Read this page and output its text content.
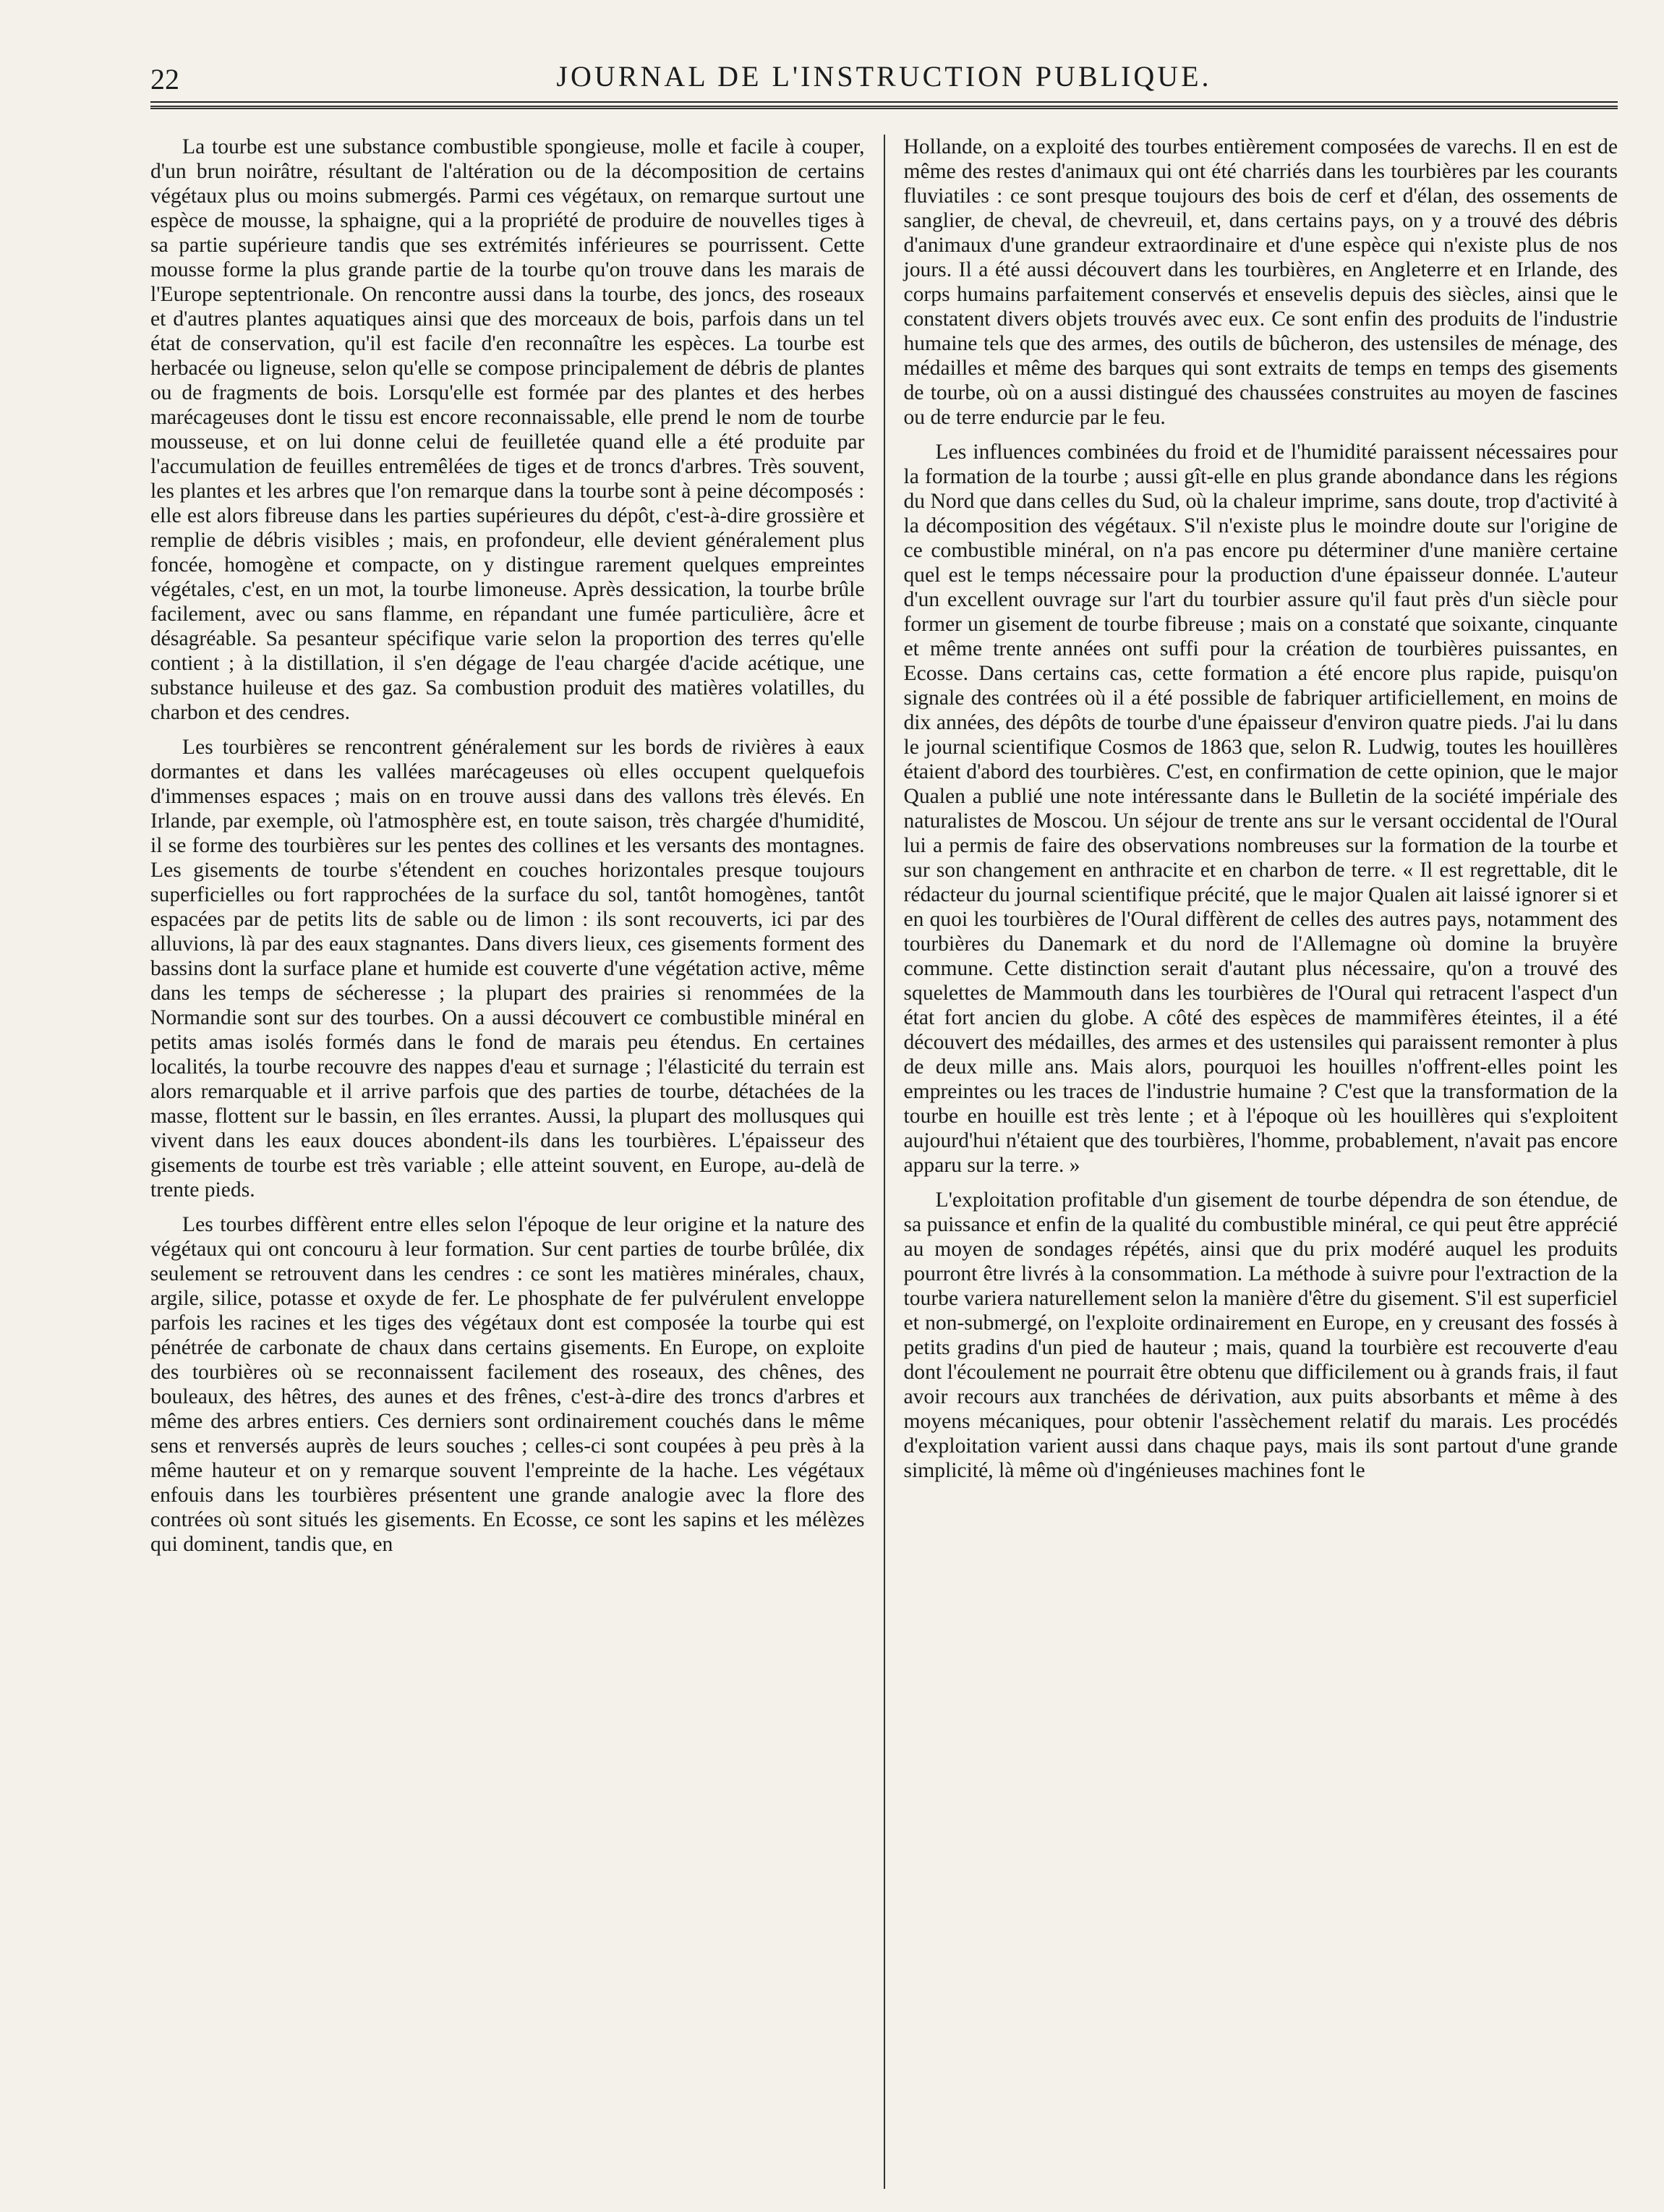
22	JOURNAL DE L'INSTRUCTION PUBLIQUE.

La tourbe est une substance combustible spongieuse, molle et facile à couper, d'un brun noirâtre, résultant de l'altération ou de la décomposition de certains végétaux plus ou moins submergés. Parmi ces végétaux, on remarque surtout une espèce de mousse, la sphaigne, qui a la propriété de produire de nouvelles tiges à sa partie supérieure tandis que ses extrémités inférieures se pourrissent. Cette mousse forme la plus grande partie de la tourbe qu'on trouve dans les marais de l'Europe septentrionale. On rencontre aussi dans la tourbe, des joncs, des roseaux et d'autres plantes aquatiques ainsi que des morceaux de bois, parfois dans un tel état de conservation, qu'il est facile d'en reconnaître les espèces. La tourbe est herbacée ou ligneuse, selon qu'elle se compose principalement de débris de plantes ou de fragments de bois. Lorsqu'elle est formée par des plantes et des herbes marécageuses dont le tissu est encore reconnaissable, elle prend le nom de tourbe mousseuse, et on lui donne celui de feuilletée quand elle a été produite par l'accumulation de feuilles entremêlées de tiges et de troncs d'arbres. Très souvent, les plantes et les arbres que l'on remarque dans la tourbe sont à peine décomposés : elle est alors fibreuse dans les parties supérieures du dépôt, c'est-à-dire grossière et remplie de débris visibles ; mais, en profondeur, elle devient généralement plus foncée, homogène et compacte, on y distingue rarement quelques empreintes végétales, c'est, en un mot, la tourbe limoneuse. Après dessication, la tourbe brûle facilement, avec ou sans flamme, en répandant une fumée particulière, âcre et désagréable. Sa pesanteur spécifique varie selon la proportion des terres qu'elle contient ; à la distillation, il s'en dégage de l'eau chargée d'acide acétique, une substance huileuse et des gaz. Sa combustion produit des matières volatilles, du charbon et des cendres.

Les tourbières se rencontrent généralement sur les bords de rivières à eaux dormantes et dans les vallées marécageuses où elles occupent quelquefois d'immenses espaces ; mais on en trouve aussi dans des vallons très élevés. En Irlande, par exemple, où l'atmosphère est, en toute saison, très chargée d'humidité, il se forme des tourbières sur les pentes des collines et les versants des montagnes. Les gisements de tourbe s'étendent en couches horizontales presque toujours superficielles ou fort rapprochées de la surface du sol, tantôt homogènes, tantôt espacées par de petits lits de sable ou de limon : ils sont recouverts, ici par des alluvions, là par des eaux stagnantes. Dans divers lieux, ces gisements forment des bassins dont la surface plane et humide est couverte d'une végétation active, même dans les temps de sécheresse ; la plupart des prairies si renommées de la Normandie sont sur des tourbes. On a aussi découvert ce combustible minéral en petits amas isolés formés dans le fond de marais peu étendus. En certaines localités, la tourbe recouvre des nappes d'eau et surnage ; l'élasticité du terrain est alors remarquable et il arrive parfois que des parties de tourbe, détachées de la masse, flottent sur le bassin, en îles errantes. Aussi, la plupart des mollusques qui vivent dans les eaux douces abondent-ils dans les tourbières. L'épaisseur des gisements de tourbe est très variable ; elle atteint souvent, en Europe, au-delà de trente pieds.

Les tourbes diffèrent entre elles selon l'époque de leur origine et la nature des végétaux qui ont concouru à leur formation. Sur cent parties de tourbe brûlée, dix seulement se retrouvent dans les cendres : ce sont les matières minérales, chaux, argile, silice, potasse et oxyde de fer. Le phosphate de fer pulvérulent enveloppe parfois les racines et les tiges des végétaux dont est composée la tourbe qui est pénétrée de carbonate de chaux dans certains gisements. En Europe, on exploite des tourbières où se reconnaissent facilement des roseaux, des chênes, des bouleaux, des hêtres, des aunes et des frênes, c'est-à-dire des troncs d'arbres et même des arbres entiers. Ces derniers sont ordinairement couchés dans le même sens et renversés auprès de leurs souches ; celles-ci sont coupées à peu près à la même hauteur et on y remarque souvent l'empreinte de la hache. Les végétaux enfouis dans les tourbières présentent une grande analogie avec la flore des contrées où sont situés les gisements. En Ecosse, ce sont les sapins et les mélèzes qui dominent, tandis que, en

Hollande, on a exploité des tourbes entièrement composées de varechs. Il en est de même des restes d'animaux qui ont été charriés dans les tourbières par les courants fluviatiles : ce sont presque toujours des bois de cerf et d'élan, des ossements de sanglier, de cheval, de chevreuil, et, dans certains pays, on y a trouvé des débris d'animaux d'une grandeur extraordinaire et d'une espèce qui n'existe plus de nos jours. Il a été aussi découvert dans les tourbières, en Angleterre et en Irlande, des corps humains parfaitement conservés et ensevelis depuis des siècles, ainsi que le constatent divers objets trouvés avec eux. Ce sont enfin des produits de l'industrie humaine tels que des armes, des outils de bûcheron, des ustensiles de ménage, des médailles et même des barques qui sont extraits de temps en temps des gisements de tourbe, où on a aussi distingué des chaussées construites au moyen de fascines ou de terre endurcie par le feu.

Les influences combinées du froid et de l'humidité paraissent nécessaires pour la formation de la tourbe ; aussi gît-elle en plus grande abondance dans les régions du Nord que dans celles du Sud, où la chaleur imprime, sans doute, trop d'activité à la décomposition des végétaux. S'il n'existe plus le moindre doute sur l'origine de ce combustible minéral, on n'a pas encore pu déterminer d'une manière certaine quel est le temps nécessaire pour la production d'une épaisseur donnée. L'auteur d'un excellent ouvrage sur l'art du tourbier assure qu'il faut près d'un siècle pour former un gisement de tourbe fibreuse ; mais on a constaté que soixante, cinquante et même trente années ont suffi pour la création de tourbières puissantes, en Ecosse. Dans certains cas, cette formation a été encore plus rapide, puisqu'on signale des contrées où il a été possible de fabriquer artificiellement, en moins de dix années, des dépôts de tourbe d'une épaisseur d'environ quatre pieds. J'ai lu dans le journal scientifique Cosmos de 1863 que, selon R. Ludwig, toutes les houillères étaient d'abord des tourbières. C'est, en confirmation de cette opinion, que le major Qualen a publié une note intéressante dans le Bulletin de la société impériale des naturalistes de Moscou. Un séjour de trente ans sur le versant occidental de l'Oural lui a permis de faire des observations nombreuses sur la formation de la tourbe et sur son changement en anthracite et en charbon de terre. « Il est regrettable, dit le rédacteur du journal scientifique précité, que le major Qualen ait laissé ignorer si et en quoi les tourbières de l'Oural diffèrent de celles des autres pays, notamment des tourbières du Danemark et du nord de l'Allemagne où domine la bruyère commune. Cette distinction serait d'autant plus nécessaire, qu'on a trouvé des squelettes de Mammouth dans les tourbières de l'Oural qui retracent l'aspect d'un état fort ancien du globe. A côté des espèces de mammifères éteintes, il a été découvert des médailles, des armes et des ustensiles qui paraissent remonter à plus de deux mille ans. Mais alors, pourquoi les houilles n'offrent-elles point les empreintes ou les traces de l'industrie humaine ? C'est que la transformation de la tourbe en houille est très lente ; et à l'époque où les houillères qui s'exploitent aujourd'hui n'étaient que des tourbières, l'homme, probablement, n'avait pas encore apparu sur la terre. »

L'exploitation profitable d'un gisement de tourbe dépendra de son étendue, de sa puissance et enfin de la qualité du combustible minéral, ce qui peut être apprécié au moyen de sondages répétés, ainsi que du prix modéré auquel les produits pourront être livrés à la consommation. La méthode à suivre pour l'extraction de la tourbe variera naturellement selon la manière d'être du gisement. S'il est superficiel et non-submergé, on l'exploite ordinairement en Europe, en y creusant des fossés à petits gradins d'un pied de hauteur ; mais, quand la tourbière est recouverte d'eau dont l'écoulement ne pourrait être obtenu que difficilement ou à grands frais, il faut avoir recours aux tranchées de dérivation, aux puits absorbants et même à des moyens mécaniques, pour obtenir l'assèchement relatif du marais. Les procédés d'exploitation varient aussi dans chaque pays, mais ils sont partout d'une grande simplicité, là même où d'ingénieuses machines font le
